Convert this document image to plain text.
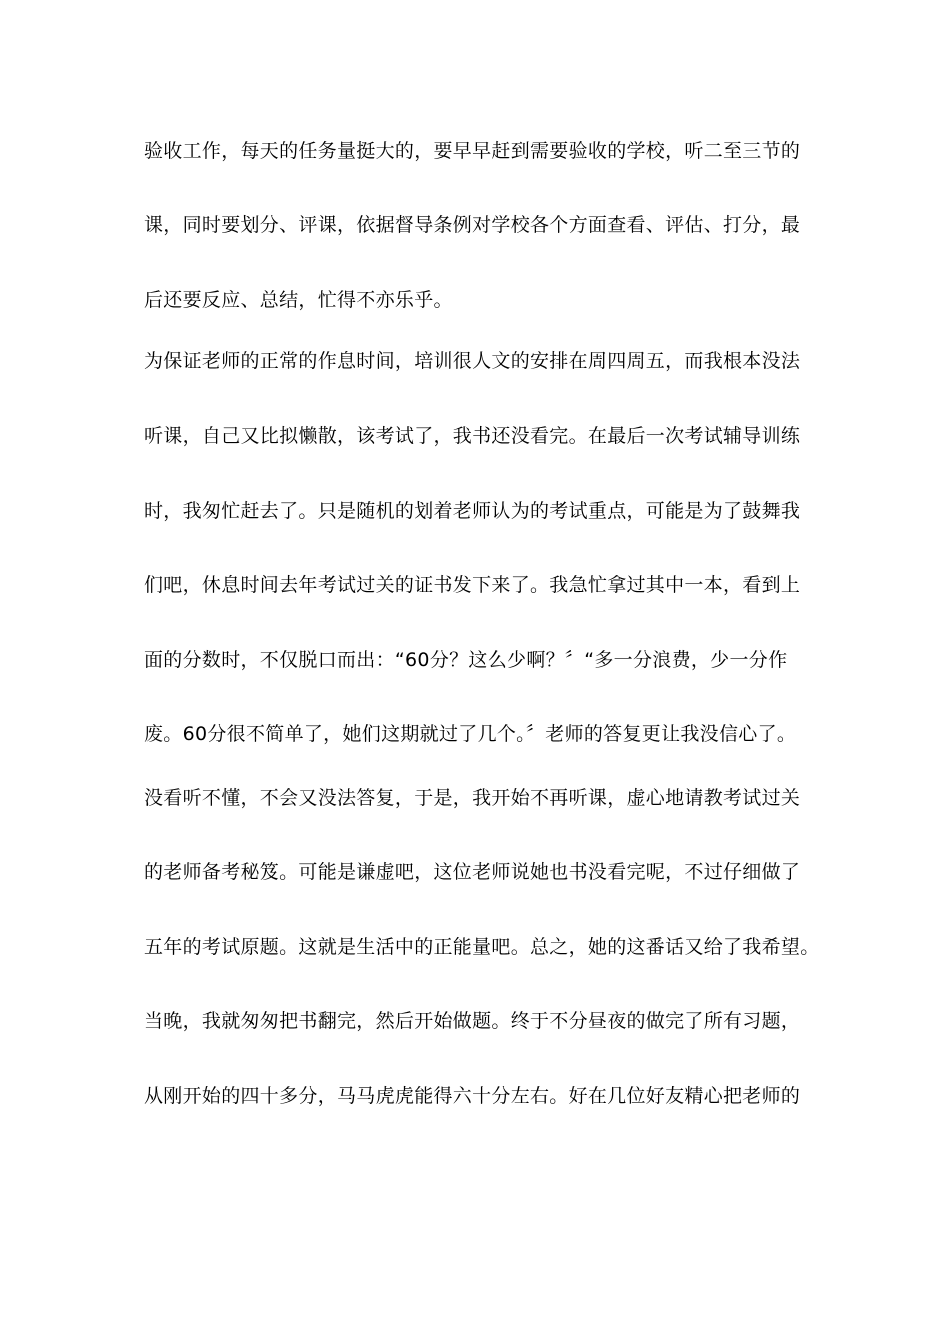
验收工作，每天的任务量挺大的，要早早赶到需要验收的学校，听二至三节的
课，同时要划分、评课，依据督导条例对学校各个方面查看、评估、打分，最
后还要反应、总结，忙得不亦乐乎。
为保证老师的正常的作息时间，培训很人文的安排在周四周五，而我根本没法
听课，自己又比拟懒散，该考试了，我书还没看完。在最后一次考试辅导训练
时，我匆忙赶去了。只是随机的划着老师认为的考试重点，可能是为了鼓舞我
们吧，休息时间去年考试过关的证书发下来了。我急忙拿过其中一本，看到上
面的分数时，不仅脱口而出：“60分？这么少啊？〞“多一分浪费，少一分作
废。60分很不简单了，她们这期就过了几个。〞老师的答复更让我没信心了。
没看听不懂，不会又没法答复，于是，我开始不再听课，虚心地请教考试过关
的老师备考秘笈。可能是谦虚吧，这位老师说她也书没看完呢，不过仔细做了
五年的考试原题。这就是生活中的正能量吧。总之，她的这番话又给了我希望。
当晚，我就匆匆把书翻完，然后开始做题。终于不分昼夜的做完了所有习题，
从刚开始的四十多分，马马虎虎能得六十分左右。好在几位好友精心把老师的
